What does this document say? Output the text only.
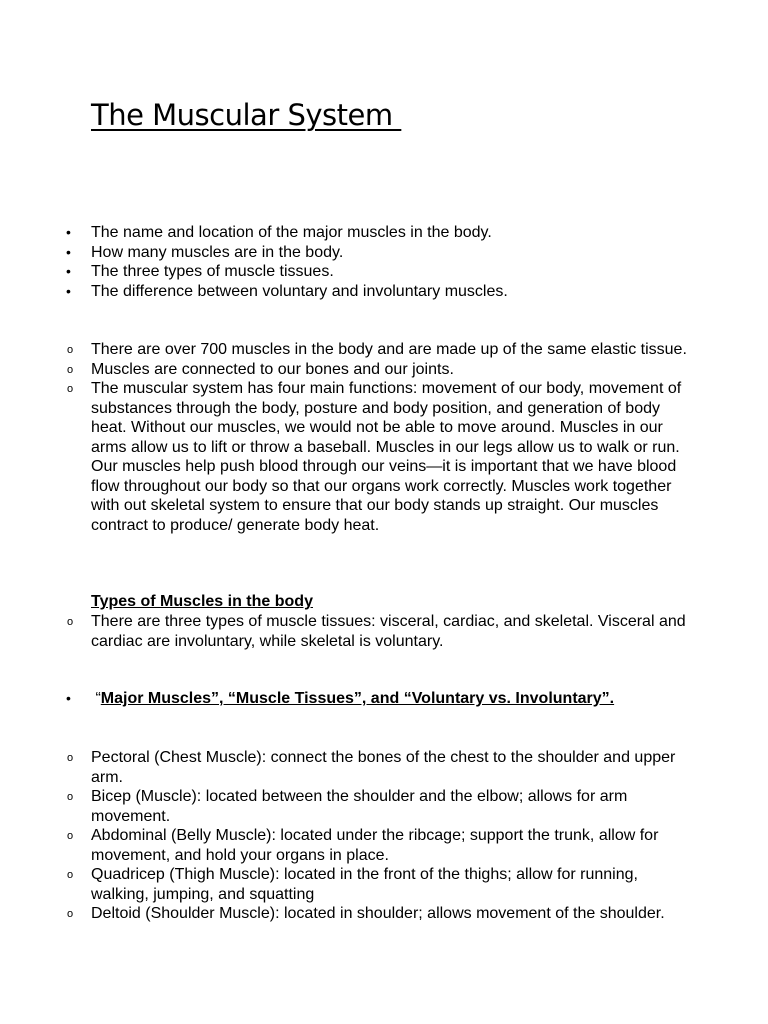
The Muscular System
• The name and location of the major muscles in the body.
• How many muscles are in the body.
• The three types of muscle tissues.
• The difference between voluntary and involuntary muscles.
o There are over 700 muscles in the body and are made up of the same elastic tissue.
o Muscles are connected to our bones and our joints.
o The muscular system has four main functions: movement of our body, movement of substances through the body, posture and body position, and generation of body heat. Without our muscles, we would not be able to move around. Muscles in our arms allow us to lift or throw a baseball. Muscles in our legs allow us to walk or run. Our muscles help push blood through our veins—it is important that we have blood flow throughout our body so that our organs work correctly. Muscles work together with out skeletal system to ensure that our body stands up straight. Our muscles contract to produce/ generate body heat.
Types of Muscles in the body
o There are three types of muscle tissues: visceral, cardiac, and skeletal. Visceral and cardiac are involuntary, while skeletal is voluntary.
• “Major Muscles”, “Muscle Tissues”, and “Voluntary vs. Involuntary”.
o Pectoral (Chest Muscle): connect the bones of the chest to the shoulder and upper arm.
o Bicep (Muscle): located between the shoulder and the elbow; allows for arm movement.
o Abdominal (Belly Muscle): located under the ribcage; support the trunk, allow for movement, and hold your organs in place.
o Quadricep (Thigh Muscle): located in the front of the thighs; allow for running, walking, jumping, and squatting
o Deltoid (Shoulder Muscle): located in shoulder; allows movement of the shoulder.
